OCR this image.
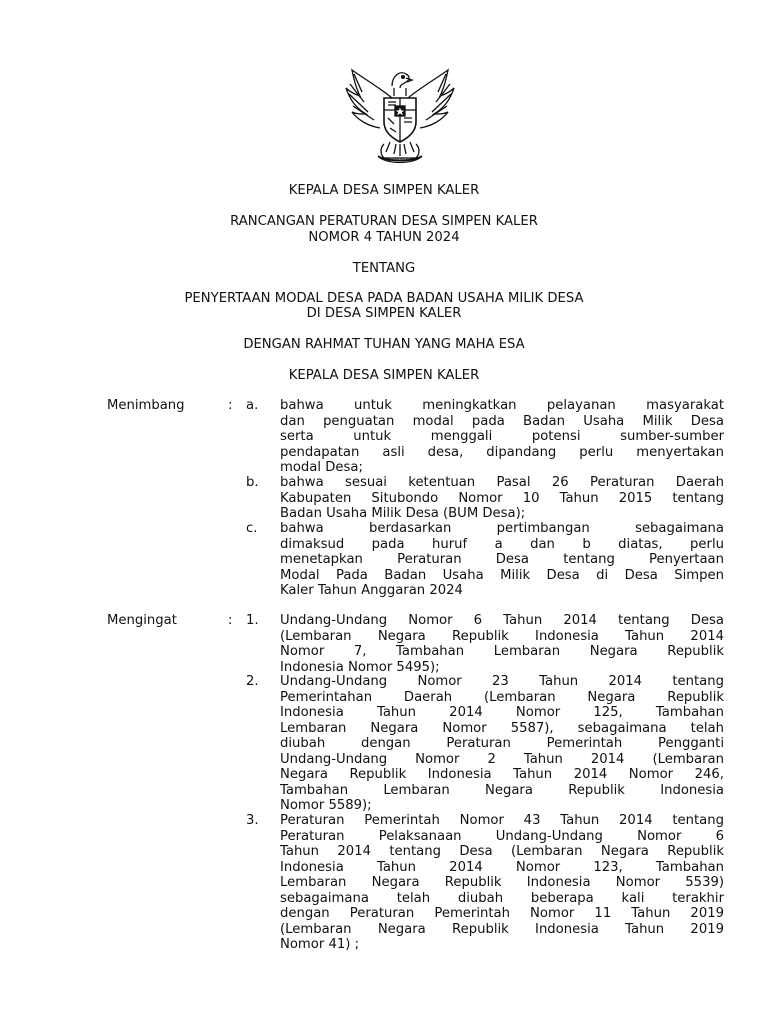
BHINNEKA
KEPALA DESA SIMPEN KALER
RANCANGAN PERATURAN DESA SIMPEN KALER
NOMOR 4 TAHUN 2024
TENTANG
PENYERTAAN MODAL DESA PADA BADAN USAHA MILIK DESA
DI DESA SIMPEN KALER
DENGAN RAHMAT TUHAN YANG MAHA ESA
KEPALA DESA SIMPEN KALER
Menimbang	: a.	bahwa untuk meningkatkan pelayanan masyarakat
dan penguatan modal pada Badan Usaha Milik Desa
serta untuk menggali potensi sumber-sumber
pendapatan asli desa, dipandang perlu menyertakan
modal Desa;
b.	bahwa sesuai ketentuan Pasal 26 Peraturan Daerah
Kabupaten Situbondo Nomor 10 Tahun 2015 tentang
Badan Usaha Milik Desa (BUM Desa);
c.	bahwa berdasarkan pertimbangan sebagaimana
dimaksud pada huruf a dan b diatas, perlu
menetapkan Peraturan Desa tentang Penyertaan
Modal Pada Badan Usaha Milik Desa di Desa Simpen
Kaler Tahun Anggaran 2024
Mengingat	: 1.	Undang-Undang Nomor 6 Tahun 2014 tentang Desa
(Lembaran Negara Republik Indonesia Tahun 2014
Nomor 7, Tambahan Lembaran Negara Republik
Indonesia Nomor 5495);
2.	Undang-Undang Nomor 23 Tahun 2014 tentang
Pemerintahan Daerah (Lembaran Negara Republik
Indonesia Tahun 2014 Nomor 125, Tambahan
Lembaran Negara Nomor 5587), sebagaimana telah
diubah dengan Peraturan Pemerintah Pengganti
Undang-Undang Nomor 2 Tahun 2014 (Lembaran
Negara Republik Indonesia Tahun 2014 Nomor 246,
Tambahan Lembaran Negara Republik Indonesia
Nomor 5589);
3.	Peraturan Pemerintah Nomor 43 Tahun 2014 tentang
Peraturan Pelaksanaan Undang-Undang Nomor 6
Tahun 2014 tentang Desa (Lembaran Negara Republik
Indonesia Tahun 2014 Nomor 123, Tambahan
Lembaran Negara Republik Indonesia Nomor 5539)
sebagaimana telah diubah beberapa kali terakhir
dengan Peraturan Pemerintah Nomor 11 Tahun 2019
(Lembaran Negara Republik Indonesia Tahun 2019
Nomor 41) ;
